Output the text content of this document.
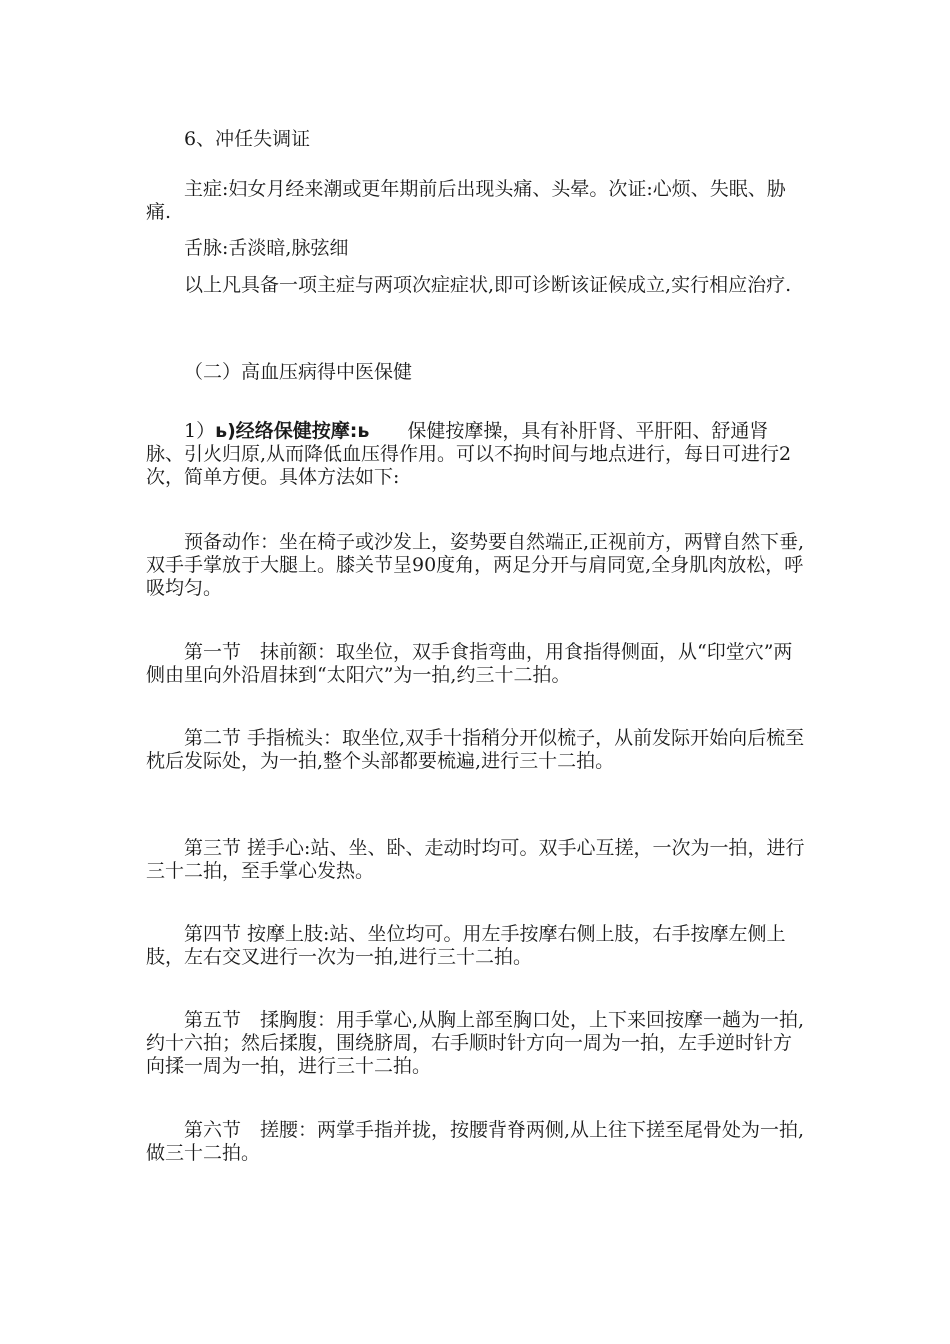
6、冲任失调证

主症:妇女月经来潮或更年期前后出现头痛、头晕。次证:心烦、失眠、胁痛.

舌脉:舌淡暗,脉弦细

以上凡具备一项主症与两项次症症状,即可诊断该证候成立,实行相应治疗.

（二）高血压病得中医保健

1）ь)经络保健按摩:ь　　保健按摩操，具有补肝肾、平肝阳、舒通肾脉、引火归原,从而降低血压得作用。可以不拘时间与地点进行，每日可进行2次，简单方便。具体方法如下:

预备动作：坐在椅子或沙发上，姿势要自然端正,正视前方，两臂自然下垂,双手手掌放于大腿上。膝关节呈90度角，两足分开与肩同宽,全身肌肉放松，呼吸均匀。

第一节　抹前额：取坐位，双手食指弯曲，用食指得侧面，从“印堂穴”两侧由里向外沿眉抹到“太阳穴”为一拍,约三十二拍。

第二节 手指梳头：取坐位,双手十指稍分开似梳子，从前发际开始向后梳至枕后发际处，为一拍,整个头部都要梳遍,进行三十二拍。

第三节 搓手心:站、坐、卧、走动时均可。双手心互搓，一次为一拍，进行三十二拍，至手掌心发热。

第四节 按摩上肢:站、坐位均可。用左手按摩右侧上肢，右手按摩左侧上肢，左右交叉进行一次为一拍,进行三十二拍。

第五节　揉胸腹：用手掌心,从胸上部至胸口处，上下来回按摩一趟为一拍,约十六拍；然后揉腹，围绕脐周，右手顺时针方向一周为一拍，左手逆时针方向揉一周为一拍，进行三十二拍。

第六节　搓腰：两掌手指并拢，按腰背脊两侧,从上往下搓至尾骨处为一拍,做三十二拍。
